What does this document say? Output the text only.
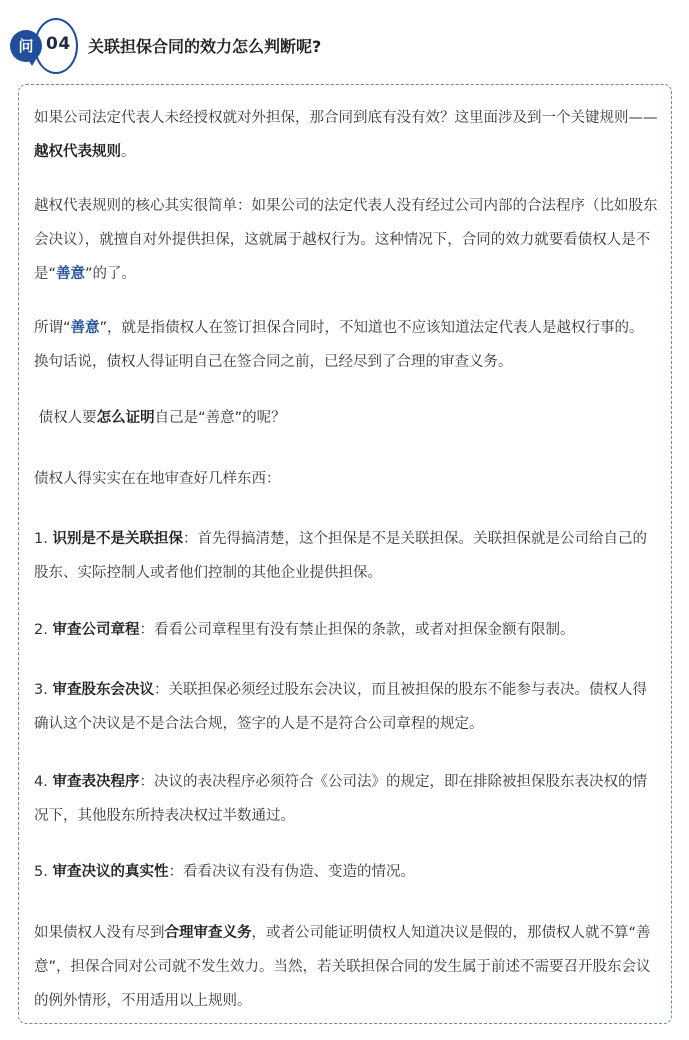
问 04 关联担保合同的效力怎么判断呢?
如果公司法定代表人未经授权就对外担保，那合同到底有没有效？这里面涉及到一个关键规则——越权代表规则。
越权代表规则的核心其实很简单：如果公司的法定代表人没有经过公司内部的合法程序（比如股东会决议），就擅自对外提供担保，这就属于越权行为。这种情况下，合同的效力就要看债权人是不是“善意”的了。
所谓“善意”，就是指债权人在签订担保合同时，不知道也不应该知道法定代表人是越权行事的。换句话说，债权人得证明自己在签合同之前，已经尽到了合理的审查义务。
债权人要怎么证明自己是“善意”的呢？
债权人得实实在在地审查好几样东西：
1. 识别是不是关联担保：首先得搞清楚，这个担保是不是关联担保。关联担保就是公司给自己的股东、实际控制人或者他们控制的其他企业提供担保。
2. 审查公司章程：看看公司章程里有没有禁止担保的条款，或者对担保金额有限制。
3. 审查股东会决议：关联担保必须经过股东会决议，而且被担保的股东不能参与表决。债权人得确认这个决议是不是合法合规，签字的人是不是符合公司章程的规定。
4. 审查表决程序：决议的表决程序必须符合《公司法》的规定，即在排除被担保股东表决权的情况下，其他股东所持表决权过半数通过。
5. 审查决议的真实性：看看决议有没有伪造、变造的情况。
如果债权人没有尽到合理审查义务，或者公司能证明债权人知道决议是假的，那债权人就不算“善意”，担保合同对公司就不发生效力。当然，若关联担保合同的发生属于前述不需要召开股东会议的例外情形，不用适用以上规则。
